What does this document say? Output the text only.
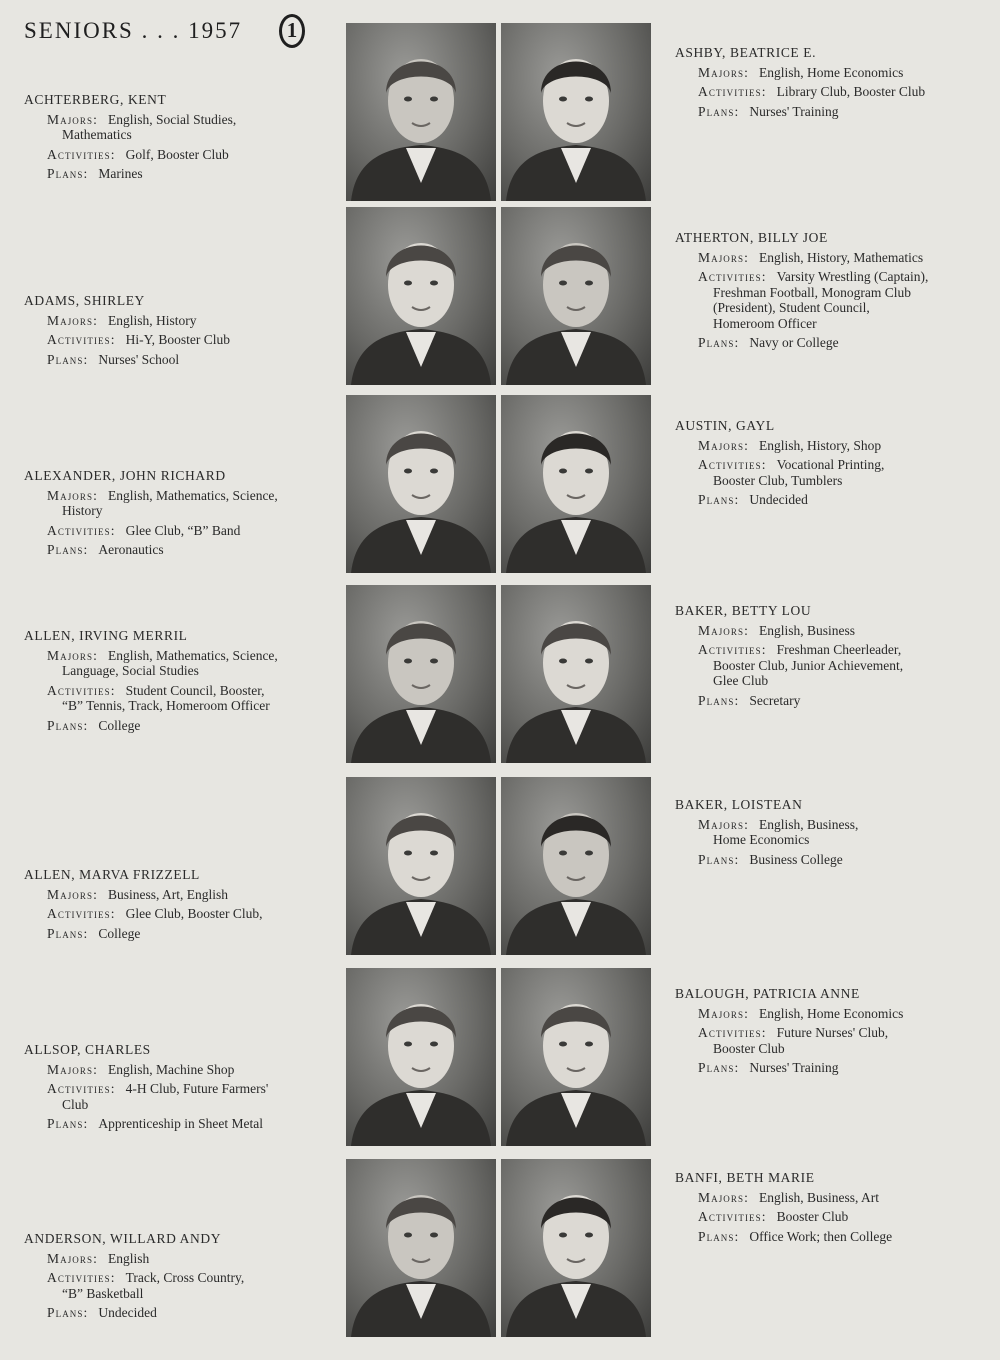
SENIORS . . . 1957	1
ACHTERBERG, KENT
Majors: English, Social Studies,
Mathematics
Activities: Golf, Booster Club
Plans: Marines
ADAMS, SHIRLEY
Majors: English, History
Activities: Hi-Y, Booster Club
Plans: Nurses' School
ALEXANDER, JOHN RICHARD
Majors: English, Mathematics, Science,
History
Activities: Glee Club, “B” Band
Plans: Aeronautics
ALLEN, IRVING MERRIL
Majors: English, Mathematics, Science,
Language, Social Studies
Activities: Student Council, Booster,
“B” Tennis, Track, Homeroom Officer
Plans: College
ALLEN, MARVA FRIZZELL
Majors: Business, Art, English
Activities: Glee Club, Booster Club,
Plans: College
ALLSOP, CHARLES
Majors: English, Machine Shop
Activities: 4-H Club, Future Farmers'
Club
Plans: Apprenticeship in Sheet Metal
ANDERSON, WILLARD ANDY
Majors: English
Activities: Track, Cross Country,
“B” Basketball
Plans: Undecided
ASHBY, BEATRICE E.
Majors: English, Home Economics
Activities: Library Club, Booster Club
Plans: Nurses' Training
ATHERTON, BILLY JOE
Majors: English, History, Mathematics
Activities: Varsity Wrestling (Captain),
Freshman Football, Monogram Club
(President), Student Council,
Homeroom Officer
Plans: Navy or College
AUSTIN, GAYL
Majors: English, History, Shop
Activities: Vocational Printing,
Booster Club, Tumblers
Plans: Undecided
BAKER, BETTY LOU
Majors: English, Business
Activities: Freshman Cheerleader,
Booster Club, Junior Achievement,
Glee Club
Plans: Secretary
BAKER, LOISTEAN
Majors: English, Business,
Home Economics
Plans: Business College
BALOUGH, PATRICIA ANNE
Majors: English, Home Economics
Activities: Future Nurses' Club,
Booster Club
Plans: Nurses' Training
BANFI, BETH MARIE
Majors: English, Business, Art
Activities: Booster Club
Plans: Office Work; then College
